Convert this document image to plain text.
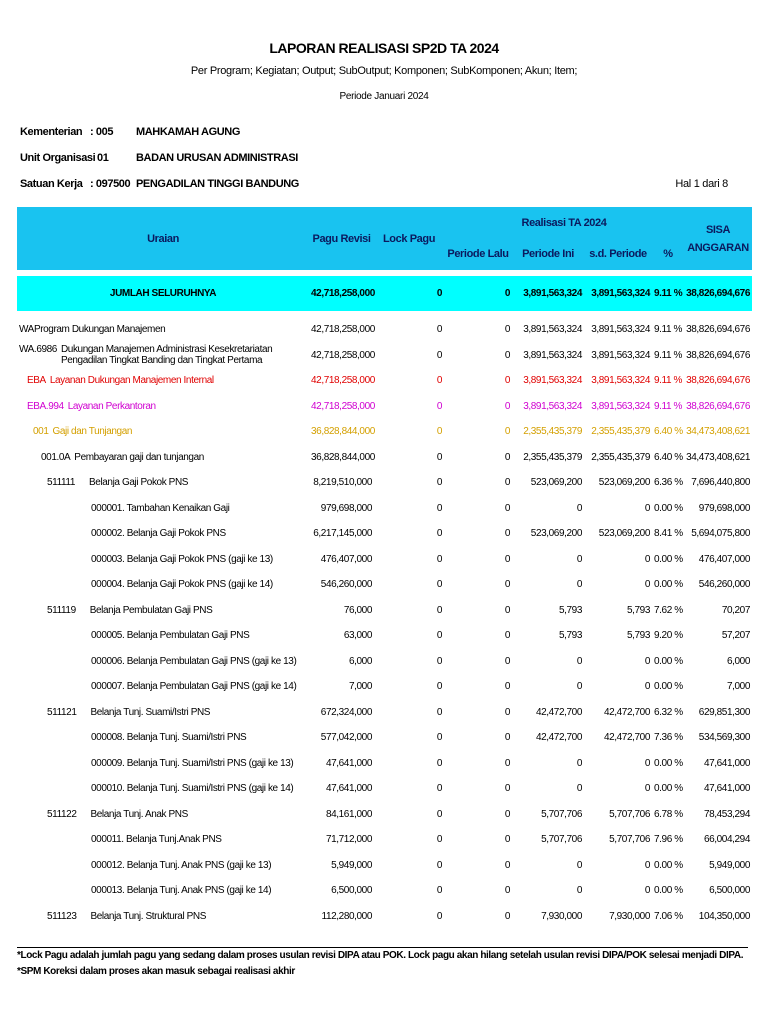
LAPORAN REALISASI SP2D TA 2024
Per Program; Kegiatan; Output; SubOutput; Komponen; SubKomponen; Akun; Item;
Periode Januari 2024
Kementerian : 005 MAHKAMAH AGUNG
Unit Organisasi 01	BADAN URUSAN ADMINISTRASI
Satuan Kerja : 097500 PENGADILAN TINGGI BANDUNG	Hal 1 dari 8
Uraian	Pagu Revisi	Lock Pagu	Realisasi TA 2024				SISA
ANGGARAN
			Periode Lalu	Periode Ini	s.d. Periode	%	

JUMLAH SELURUHNYA	42,718,258,000	0	0	3,891,563,324	3,891,563,324	9.11 %	38,826,694,676

WA Program Dukungan Manajemen	42,718,258,000	0	0	3,891,563,324	3,891,563,324	9.11 %	38,826,694,676

WA.6986 Dukungan Manajemen Administrasi Kesekretariatan Pengadilan Tingkat Banding dan Tingkat Pertama	42,718,258,000	0	0	3,891,563,324	3,891,563,324	9.11 %	38,826,694,676

EBA Layanan Dukungan Manajemen Internal	42,718,258,000	0	0	3,891,563,324	3,891,563,324	9.11 %	38,826,694,676

EBA.994 Layanan Perkantoran	42,718,258,000	0	0	3,891,563,324	3,891,563,324	9.11 %	38,826,694,676

001 Gaji dan Tunjangan	36,828,844,000	0	0	2,355,435,379	2,355,435,379	6.40 %	34,473,408,621

001.0A Pembayaran gaji dan tunjangan	36,828,844,000	0	0	2,355,435,379	2,355,435,379	6.40 %	34,473,408,621

511111 Belanja Gaji Pokok PNS	8,219,510,000	0	0	523,069,200	523,069,200	6.36 %	7,696,440,800

000001. Tambahan Kenaikan Gaji	979,698,000	0	0	0	0	0.00 %	979,698,000

000002. Belanja Gaji Pokok PNS	6,217,145,000	0	0	523,069,200	523,069,200	8.41 %	5,694,075,800

000003. Belanja Gaji Pokok PNS (gaji ke 13)	476,407,000	0	0	0	0	0.00 %	476,407,000

000004. Belanja Gaji Pokok PNS (gaji ke 14)	546,260,000	0	0	0	0	0.00 %	546,260,000

511119 Belanja Pembulatan Gaji PNS	76,000	0	0	5,793	5,793	7.62 %	70,207

000005. Belanja Pembulatan Gaji PNS	63,000	0	0	5,793	5,793	9.20 %	57,207

000006. Belanja Pembulatan Gaji PNS (gaji ke 13)	6,000	0	0	0	0	0.00 %	6,000

000007. Belanja Pembulatan Gaji PNS (gaji ke 14)	7,000	0	0	0	0	0.00 %	7,000

511121 Belanja Tunj. Suami/Istri PNS	672,324,000	0	0	42,472,700	42,472,700	6.32 %	629,851,300

000008. Belanja Tunj. Suami/Istri PNS	577,042,000	0	0	42,472,700	42,472,700	7.36 %	534,569,300

000009. Belanja Tunj. Suami/Istri PNS (gaji ke 13)	47,641,000	0	0	0	0	0.00 %	47,641,000

000010. Belanja Tunj. Suami/Istri PNS (gaji ke 14)	47,641,000	0	0	0	0	0.00 %	47,641,000

511122 Belanja Tunj. Anak PNS	84,161,000	0	0	5,707,706	5,707,706	6.78 %	78,453,294

000011. Belanja Tunj.Anak PNS	71,712,000	0	0	5,707,706	5,707,706	7.96 %	66,004,294

000012. Belanja Tunj. Anak PNS (gaji ke 13)	5,949,000	0	0	0	0	0.00 %	5,949,000

000013. Belanja Tunj. Anak PNS (gaji ke 14)	6,500,000	0	0	0	0	0.00 %	6,500,000

511123 Belanja Tunj. Struktural PNS	112,280,000	0	0	7,930,000	7,930,000	7.06 %	104,350,000
*Lock Pagu adalah jumlah pagu yang sedang dalam proses usulan revisi DIPA atau POK. Lock pagu akan hilang setelah usulan revisi DIPA/POK selesai menjadi DIPA.
*SPM Koreksi dalam proses akan masuk sebagai realisasi akhir
